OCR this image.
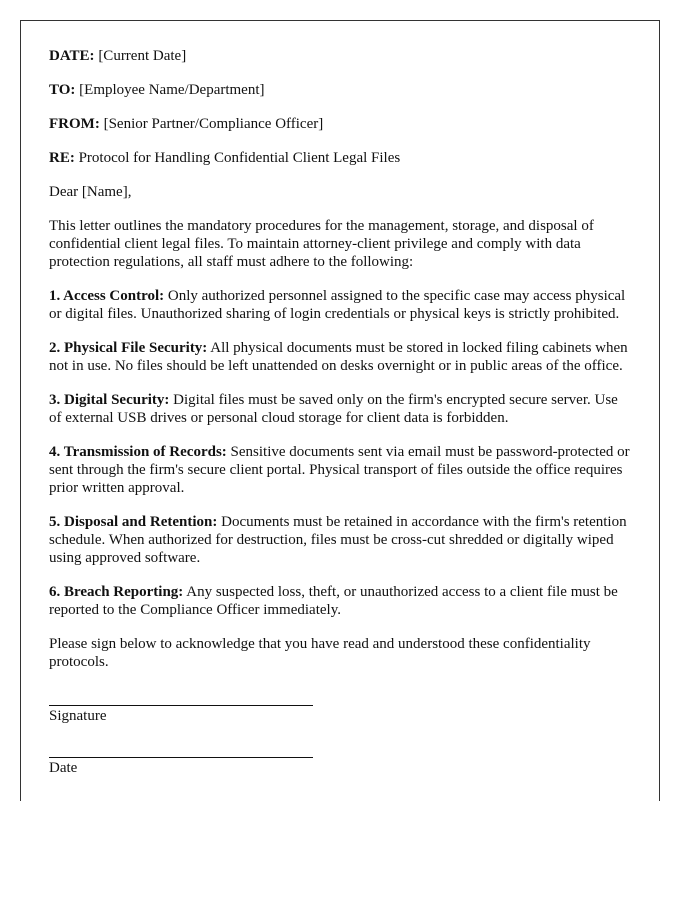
DATE: [Current Date]
TO: [Employee Name/Department]
FROM: [Senior Partner/Compliance Officer]
RE: Protocol for Handling Confidential Client Legal Files

Dear [Name],

This letter outlines the mandatory procedures for the management, storage, and disposal of confidential client legal files. To maintain attorney-client privilege and comply with data protection regulations, all staff must adhere to the following:

1. Access Control: Only authorized personnel assigned to the specific case may access physical or digital files. Unauthorized sharing of login credentials or physical keys is strictly prohibited.
2. Physical File Security: All physical documents must be stored in locked filing cabinets when not in use. No files should be left unattended on desks overnight or in public areas of the office.
3. Digital Security: Digital files must be saved only on the firm's encrypted secure server. Use of external USB drives or personal cloud storage for client data is forbidden.
4. Transmission of Records: Sensitive documents sent via email must be password-protected or sent through the firm's secure client portal. Physical transport of files outside the office requires prior written approval.
5. Disposal and Retention: Documents must be retained in accordance with the firm's retention schedule. When authorized for destruction, files must be cross-cut shredded or digitally wiped using approved software.
6. Breach Reporting: Any suspected loss, theft, or unauthorized access to a client file must be reported to the Compliance Officer immediately.

Please sign below to acknowledge that you have read and understood these confidentiality protocols.

Signature
Date
